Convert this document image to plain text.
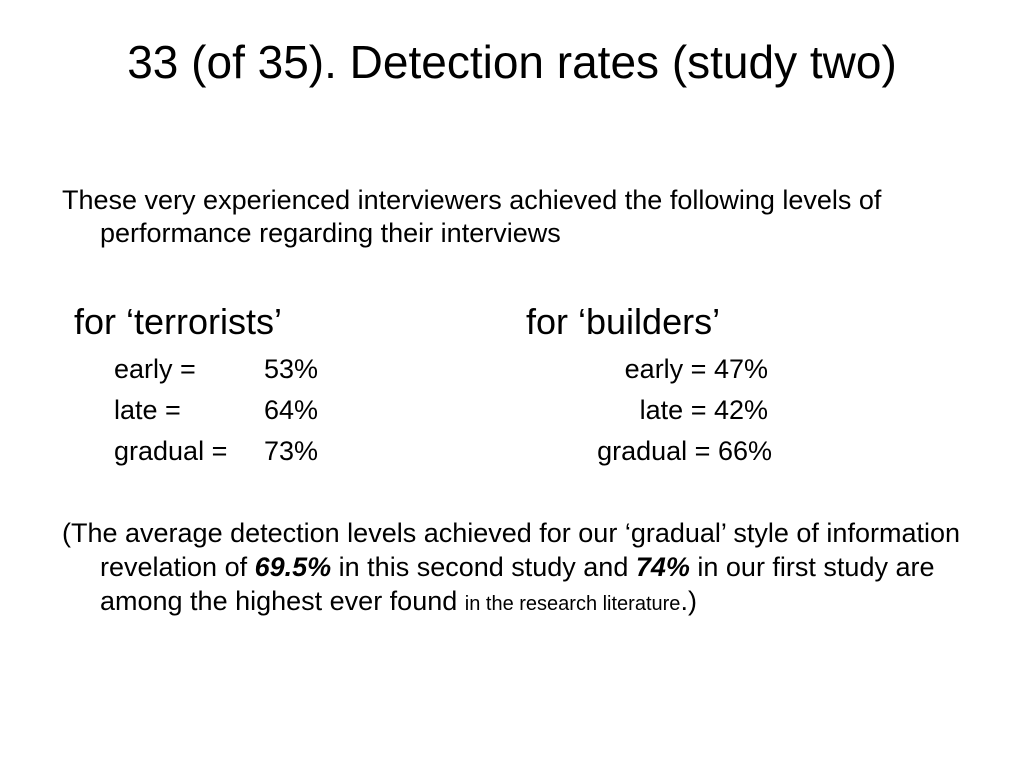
33 (of 35). Detection rates (study two)

These very experienced interviewers achieved the following levels of performance regarding their interviews

for ‘terrorists’
early =	53%
late =	64%
gradual = 73%
for ‘builders’
early = 47%
late = 42%
gradual = 66%

(The average detection levels achieved for our ‘gradual’ style of information revelation of 69.5% in this second study and 74% in our first study are among the highest ever found in the research literature.)
